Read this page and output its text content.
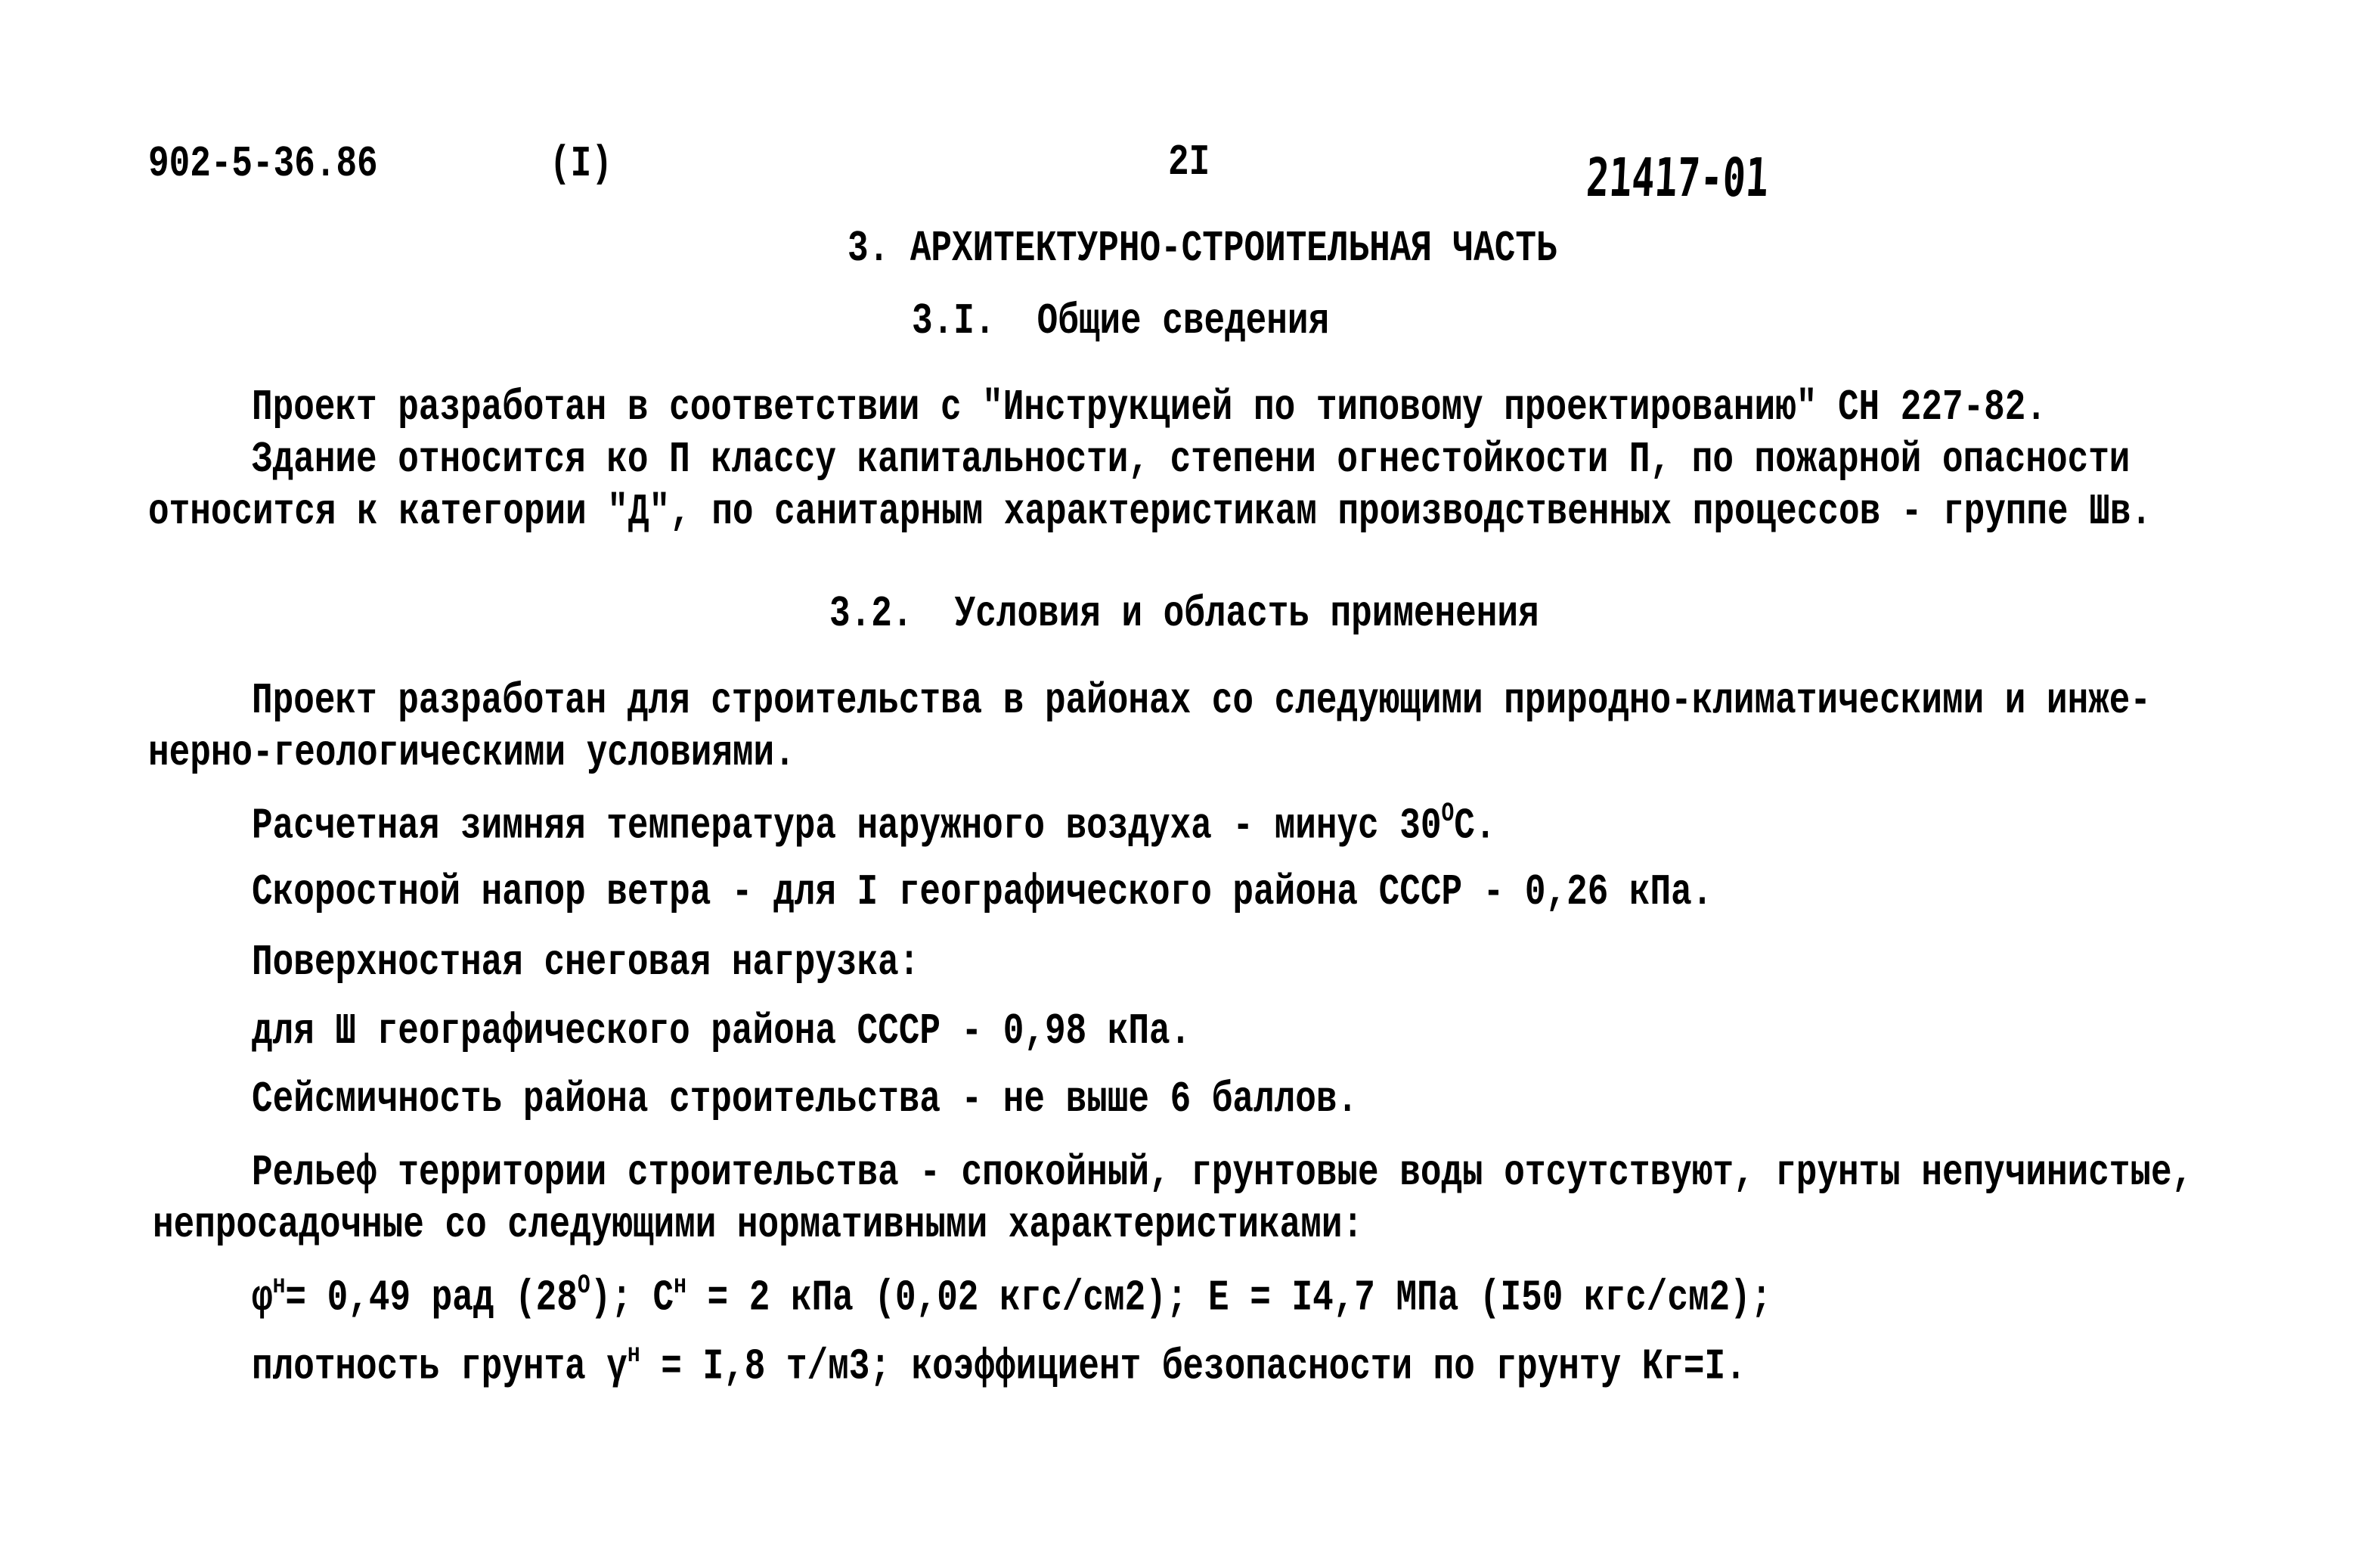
902-5-36.86	(I)	2I	21417-01
3. АРХИТЕКТУРНО-СТРОИТЕЛЬНАЯ ЧАСТЬ
3.I.  Общие сведения
Проект разработан в соответствии с "Инструкцией по типовому проектированию" СН 227-82.
Здание относится ко П классу капитальности, степени огнестойкости П, по пожарной опасности
относится к категории "Д", по санитарным характеристикам производственных процессов - группе Шв.
3.2.  Условия и область применения
Проект разработан для строительства в районах со следующими природно-климатическими и инже-
нерно-геологическими условиями.
Расчетная зимняя температура наружного воздуха - минус $30^OС$.
Скоростной напор ветра - для I географического района СССР - 0,26 кПа.
Поверхностная снеговая нагрузка:
для Ш географического района СССР - 0,98 кПа.
Сейсмичность района строительства - не выше 6 баллов.
Рельеф территории строительства - спокойный, грунтовые воды отсутствуют, грунты непучинистые,
непросадочные со следующими нормативными характеристиками:
$\varphi^н= 0,49$ рад $(28^O)$; $С^н = 2$ кПа (0,02 кгс/см2); Е = I4,7 МПа (I50 кгс/см2);
плотность грунта $\gamma^н = I,8$ т/м3; коэффициент безопасности по грунту Кг=I.
